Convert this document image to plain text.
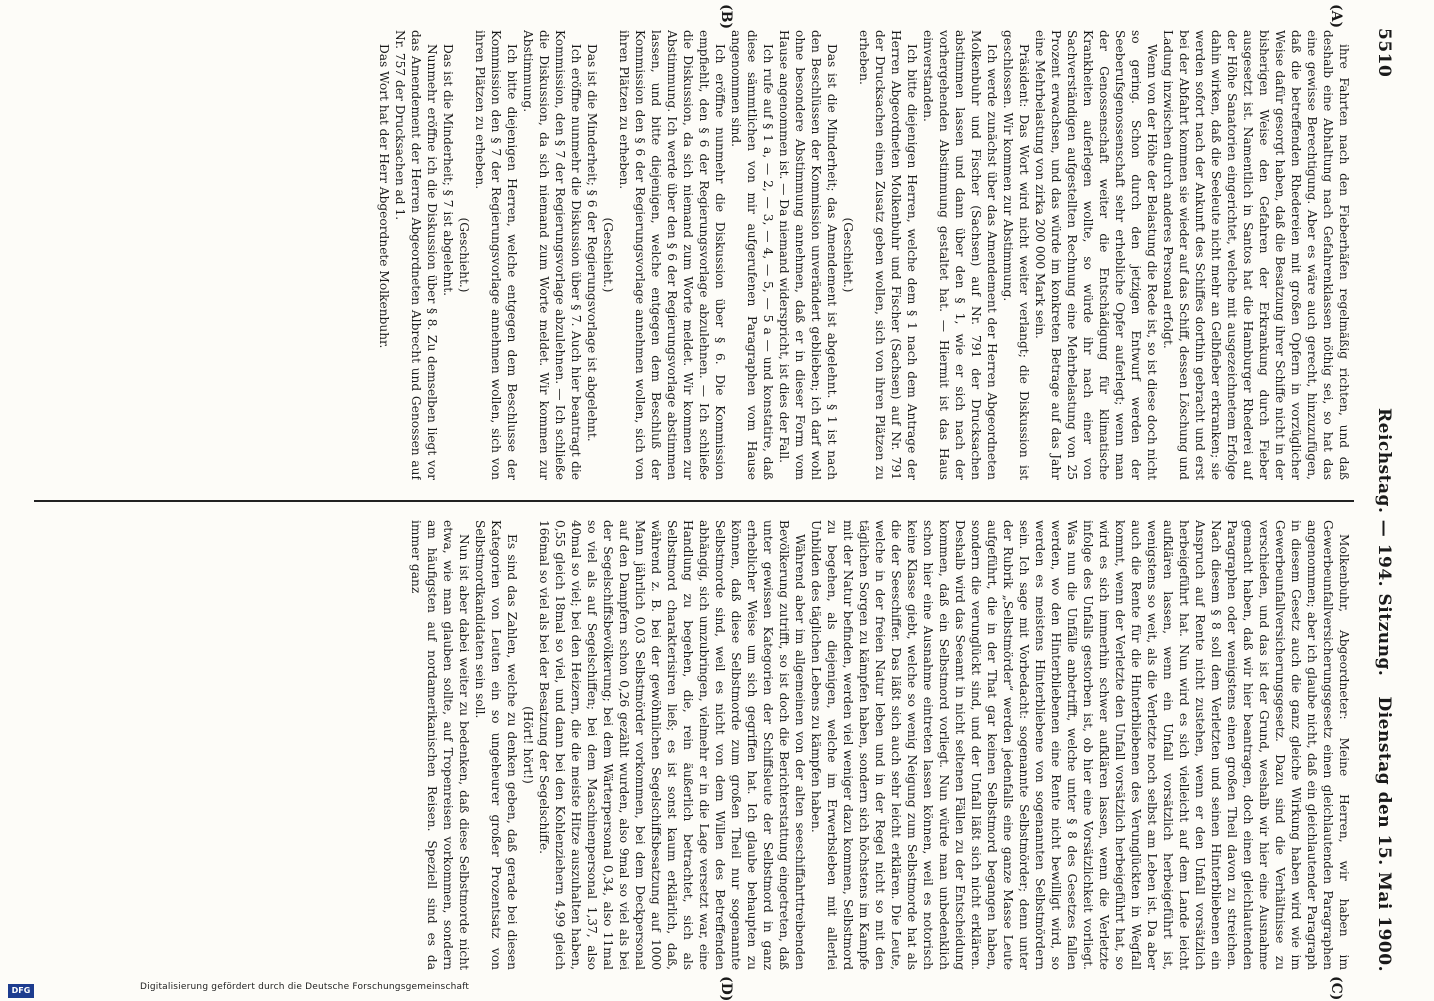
5510
Reichstag. — 194. Sitzung.
Dienstag den 15. Mai 1900.
(A)
(B)
(C)
(D)

ihre Fahrten nach den Fieberhäfen regelmäßig richten, und daß deshalb eine Abhaltung nach Gefahrenklassen nöthig sei, so hat das eine gewisse Berechtigung. Aber es wäre auch gerecht, hinzuzufügen, daß die betreffenden Rhedereien mit großen Opfern in vorzüglicher Weise dafür gesorgt haben, daß die Besatzung ihrer Schiffe nicht in der bisherigen Weise den Gefahren der Erkrankung durch Fieber ausgesetzt ist. Namentlich in Santos hat die Hamburger Rhederei auf der Höhe Sanatorien eingerichtet, welche mit ausgezeichnetem Erfolge dahin wirken, daß die Seeleute nicht mehr an Gelbfieber erkranken; sie werden sofort nach der Ankunft des Schiffes dorthin gebracht und erst bei der Abfahrt kommen sie wieder auf das Schiff, dessen Löschung und Ladung inzwischen durch anderes Personal erfolgt.

Wenn von der Höhe der Belastung die Rede ist, so ist diese doch nicht so gering. Schon durch den jetzigen Entwurf werden der Seeberufsgenossenschaft sehr erhebliche Opfer auferlegt; wenn man der Genossenschaft weiter die Entschädigung für klimatische Krankheiten auferlegen wollte, so würde ihr nach einer von Sachverständigen aufgestellten Rechnung eine Mehrbelastung von 25 Prozent erwachsen, und das würde im konkreten Betrage auf das Jahr eine Mehrbelastung von zirka 200 000 Mark sein.

Präsident: Das Wort wird nicht weiter verlangt; die Diskussion ist geschlossen. Wir kommen zur Abstimmung.

Ich werde zunächst über das Amendement der Herren Abgeordneten Molkenbuhr und Fischer (Sachsen) auf Nr. 791 der Drucksachen abstimmen lassen und dann über den § 1, wie er sich nach der vorhergehenden Abstimmung gestaltet hat. — Hiermit ist das Haus einverstanden.

Ich bitte diejenigen Herren, welche dem § 1 nach dem Antrage der Herren Abgeordneten Molkenbuhr und Fischer (Sachsen) auf Nr. 791 der Drucksachen einen Zusatz geben wollen, sich von ihren Plätzen zu erheben.

(Geschieht.)

Das ist die Minderheit; das Amendement ist abgelehnt. § 1 ist nach den Beschlüssen der Kommission unverändert geblieben; ich darf wohl ohne besondere Abstimmung annehmen, daß er in dieser Form vom Hause angenommen ist. — Da niemand widerspricht, ist dies der Fall.

Ich rufe auf § 1 a, — 2, — 3, — 4, — 5, — 5 a — und konstatire, daß diese sämmtlichen von mir aufgerufenen Paragraphen vom Hause angenommen sind.

Ich eröffne nunmehr die Diskussion über § 6. Die Kommission empfiehlt, den § 6 der Regierungsvorlage abzulehnen. — Ich schließe die Diskussion, da sich niemand zum Worte meldet. Wir kommen zur Abstimmung. Ich werde über den § 6 der Regierungsvorlage abstimmen lassen, und bitte diejenigen, welche entgegen dem Beschluß der Kommission den § 6 der Regierungsvorlage annehmen wollen, sich von ihren Plätzen zu erheben.

(Geschieht.)

Das ist die Minderheit; § 6 der Regierungsvorlage ist abgelehnt.

Ich eröffne nunmehr die Diskussion über § 7. Auch hier beantragt die Kommission, den § 7 der Regierungsvorlage abzulehnen. — Ich schließe die Diskussion, da sich niemand zum Worte meldet. Wir kommen zur Abstimmung.

Ich bitte diejenigen Herren, welche entgegen dem Beschlusse der Kommission den § 7 der Regierungsvorlage annehmen wollen, sich von ihren Plätzen zu erheben.

(Geschieht.)

Das ist die Minderheit; § 7 ist abgelehnt.

Nunmehr eröffne ich die Diskussion über § 8. Zu demselben liegt vor das Amendement der Herren Abgeordneten Albrecht und Genossen auf Nr. 757 der Drucksachen ad 1.

Das Wort hat der Herr Abgeordnete Molkenbuhr.

Molkenbuhr, Abgeordneter: Meine Herren, wir haben im Gewerbeunfallversicherungsgesetz einen gleichlautenden Paragraphen angenommen; aber ich glaube nicht, daß ein gleichlautender Paragraph in diesem Gesetz auch die ganz gleiche Wirkung haben wird wie im Gewerbeunfallversicherungsgesetz. Dazu sind die Verhältnisse zu verschieden, und das ist der Grund, weshalb wir hier eine Ausnahme gemacht haben, daß wir hier beantragen, doch einen gleichlautenden Paragraphen oder wenigstens einen großen Theil davon zu streichen. Nach diesem § 8 soll dem Verletzten und seinen Hinterbliebenen ein Anspruch auf Rente nicht zustehen, wenn er den Unfall vorsätzlich herbeigeführt hat. Nun wird es sich vielleicht auf dem Lande leicht aufklären lassen, wenn ein Unfall vorsätzlich herbeigeführt ist, wenigstens so weit, als die Verletzte noch selbst am Leben ist. Da aber auch die Rente für die Hinterbliebenen des Verunglückten in Wegfall kommt, wenn der Verletzte den Unfall vorsätzlich herbeigeführt hat, so wird es sich immerhin schwer aufklären lassen, wenn die Verletzte infolge des Unfalls gestorben ist, ob hier eine Vorsätzlichkeit vorliegt. Was nun die Unfälle anbetrifft, welche unter § 8 des Gesetzes fallen werden, wo den Hinterbliebenen eine Rente nicht bewilligt wird, so werden es meistens Hinterbliebene von sogenannten Selbstmördern sein. Ich sage mit Vorbedacht: sogenannte Selbstmörder; denn unter der Rubrik „Selbstmörder“ werden jedenfalls eine ganze Masse Leute aufgeführt, die in der That gar keinen Selbstmord begangen haben, sondern die verunglückt sind, und der Unfall läßt sich nicht erklären. Deshalb wird das Seeamt in nicht seltenen Fällen zu der Entscheidung kommen, daß ein Selbstmord vorliegt. Nun würde man unbedenklich schon hier eine Ausnahme eintreten lassen können, weil es notorisch keine Klasse giebt, welche so wenig Neigung zum Selbstmorde hat als die der Seeschiffer. Das läßt sich auch sehr leicht erklären. Die Leute, welche in der freien Natur leben und in der Regel nicht so mit den täglichen Sorgen zu kämpfen haben, sondern sich höchstens im Kampfe mit der Natur befinden, werden viel weniger dazu kommen, Selbstmord zu begehen, als diejenigen, welche im Erwerbsleben mit allerlei Unbilden des täglichen Lebens zu kämpfen haben.

Während aber im allgemeinen von der alten seeschiffahrttreibenden Bevölkerung zutrifft, so ist doch die Berichterstattung eingetreten, daß unter gewissen Kategorien der Schiffsleute der Selbstmord in ganz erheblicher Weise um sich gegriffen hat. Ich glaube behaupten zu können, daß diese Selbstmorde zum großen Theil nur sogenannte Selbstmorde sind, weil es nicht von dem Willen des Betreffenden abhängig, sich umzubringen, vielmehr er in die Lage versetzt war, eine Handlung zu begehen, die, rein äußerlich betrachtet, sich als Selbstmord charakterisiren ließ; es ist sonst kaum erklärlich, daß, während z. B. bei der gewöhnlichen Segelschiffsbesatzung auf 1000 Mann jährlich 0,03 Selbstmörder vorkommen, bei dem Deckpersonal auf den Dampfern schon 0,26 gezählt wurden, also 9mal so viel als bei der Segelschiffsbevölkerung; bei dem Wärterpersonal 0,34, also 11mal so viel als auf Segelschiffen; bei dem Maschinenpersonal 1,37, also 40mal so viel; bei den Heizern, die die meiste Hitze auszuhalten haben, 0,55 gleich 18mal so viel, und dann bei den Kohlenziehern 4,99 gleich 166mal so viel als bei der Besatzung der Segelschiffe.

(Hört! hört!)

Es sind das Zahlen, welche zu denken geben, daß gerade bei diesen Kategorien von Leuten ein so ungeheurer großer Prozentsatz von Selbstmordkandidaten sein soll.

Nun ist aber dabei weiter zu bedenken, daß diese Selbstmorde nicht etwa, wie man glauben sollte, auf Tropenreisen vorkommen, sondern am häufigsten auf nordamerikanischen Reisen. Speziell sind es da immer ganz

DFG	Digitalisierung gefördert durch die Deutsche Forschungsgemeinschaft
